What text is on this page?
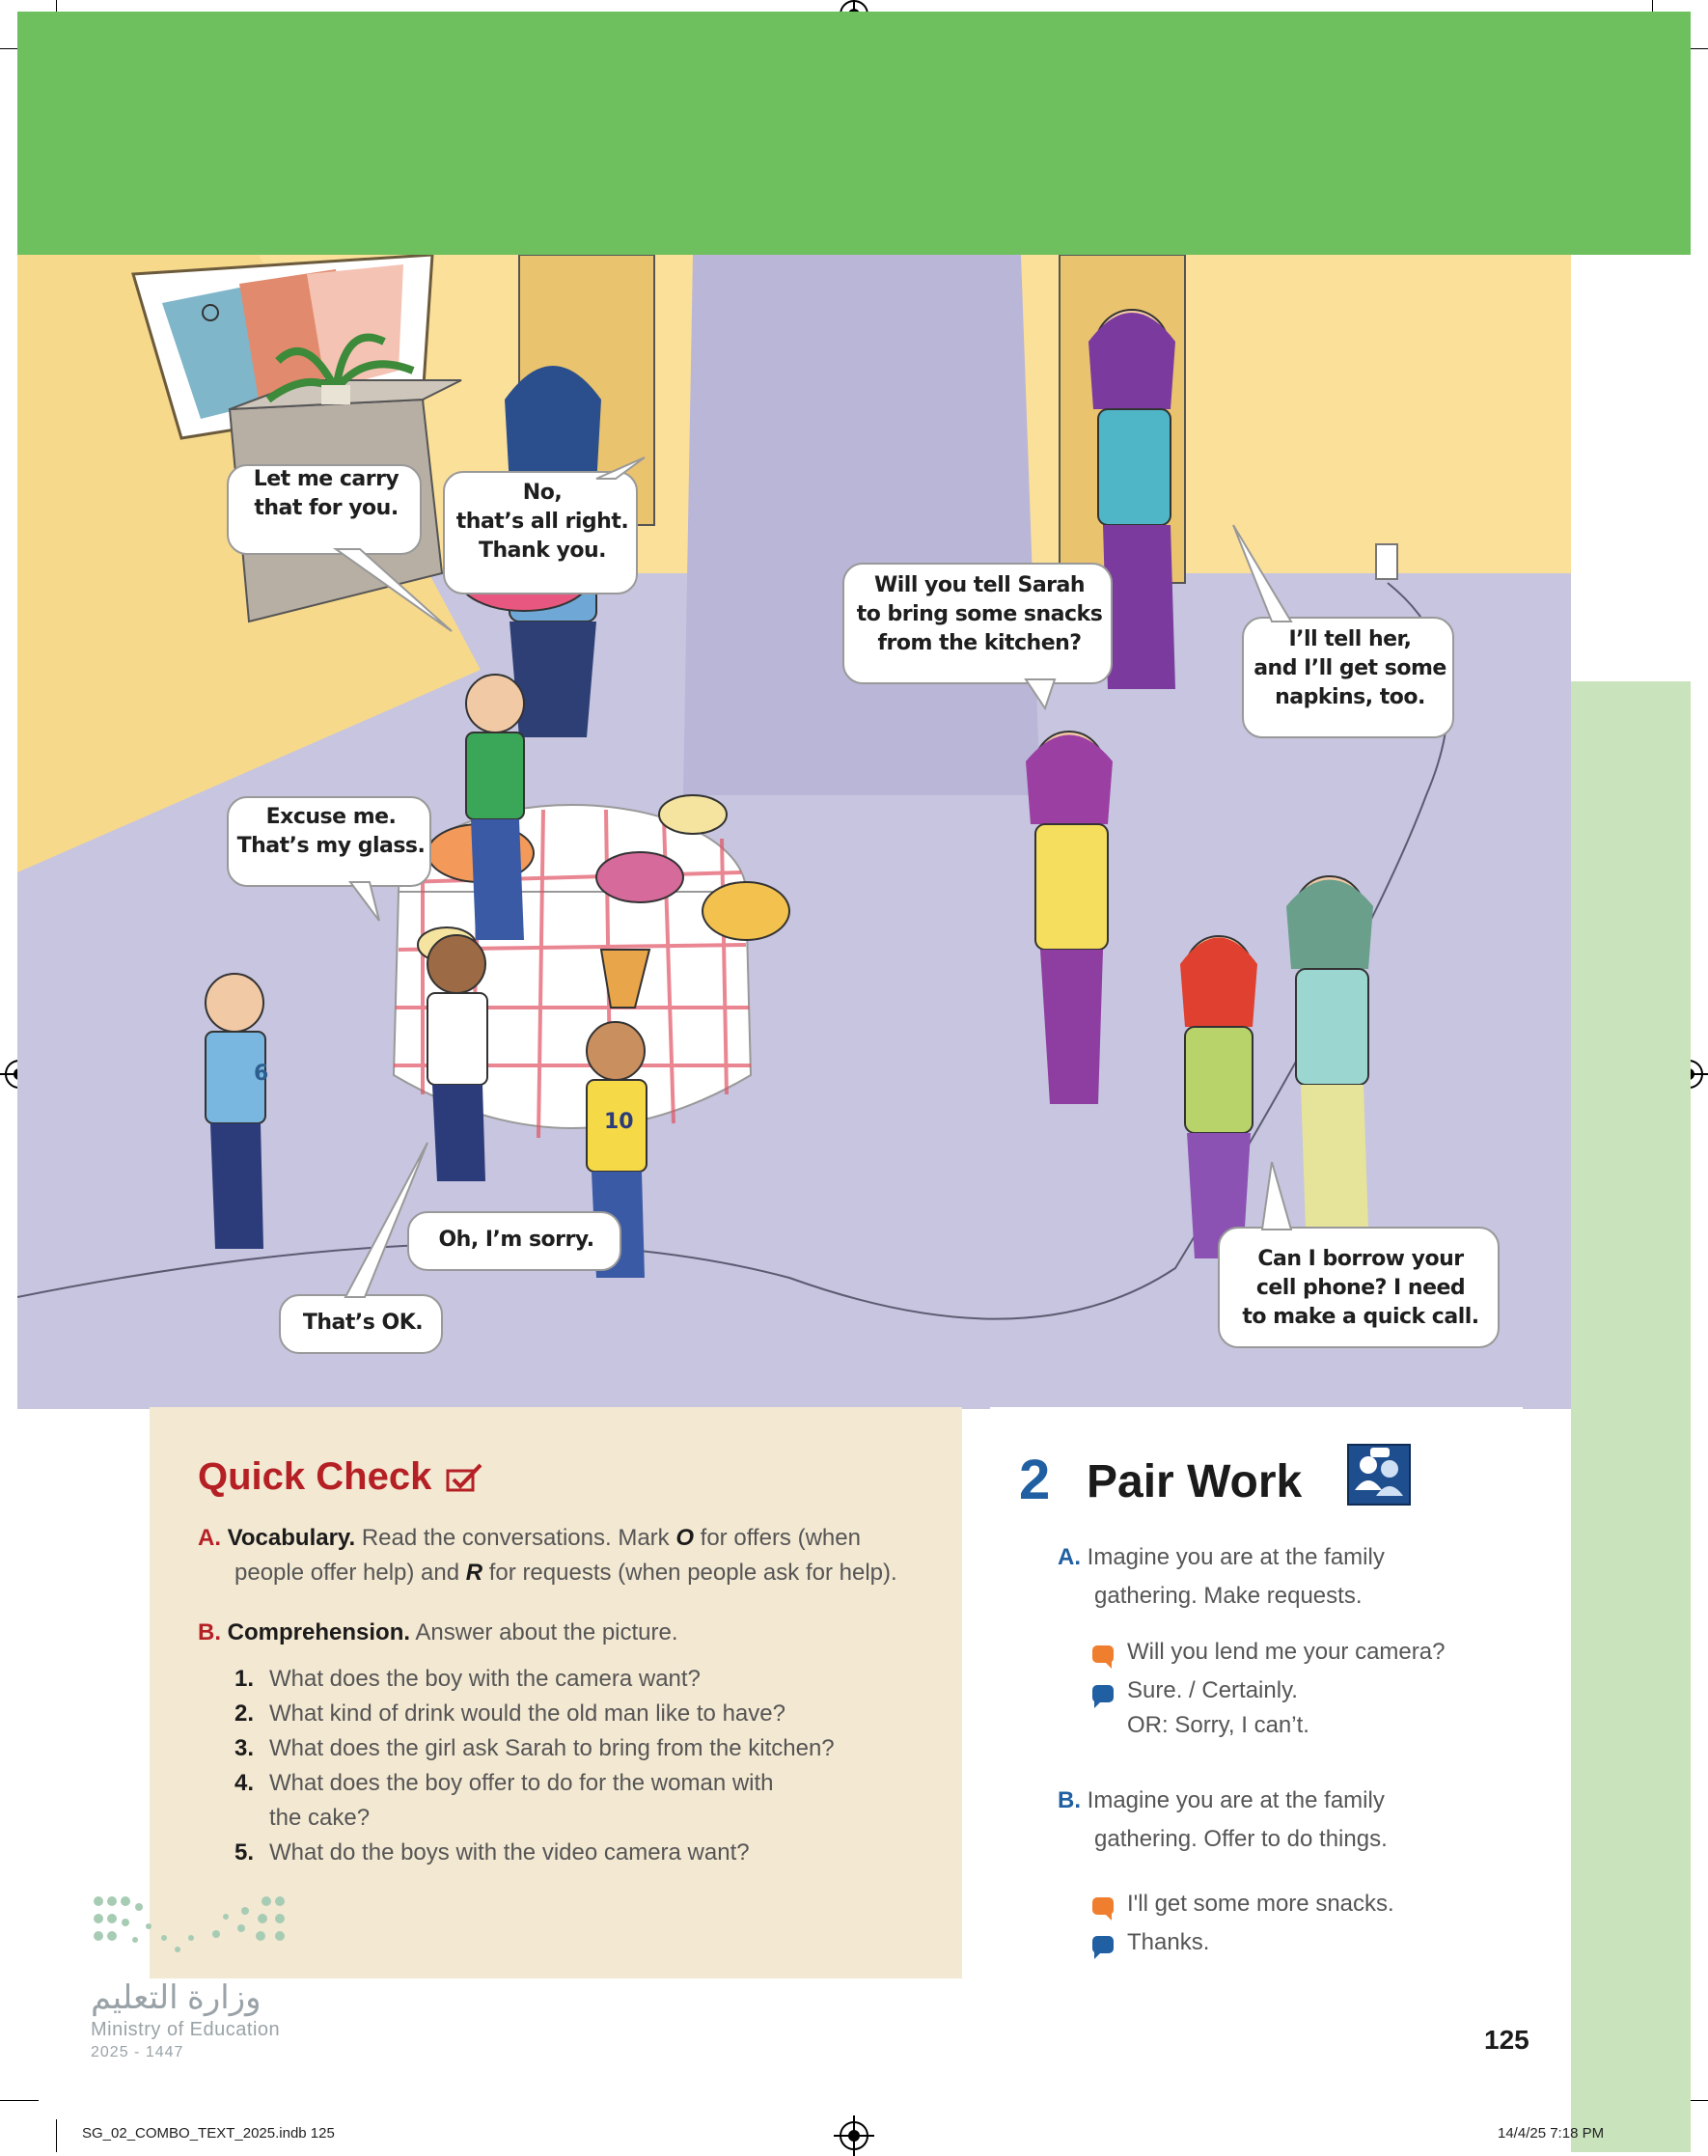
6
10
Let me carry
that for you.
No,
that’s all right.
Thank you.
Will you tell Sarah
to bring some snacks
from the kitchen?	I’ll tell her,
and I’ll get some
napkins, too.
Excuse me.
That’s my glass.
Oh, I’m sorry.
That’s OK.
Can I borrow your
cell phone? I need
to make a quick call.
Quick Check
A. Vocabulary. Read the conversations. Mark O for offers (when
people offer help) and R for requests (when people ask for help).
B. Comprehension. Answer about the picture.
1. What does the boy with the camera want?
2. What kind of drink would the old man like to have?
3. What does the girl ask Sarah to bring from the kitchen?
4. What does the boy offer to do for the woman with
the cake?
5. What do the boys with the video camera want?
وزارة التعليم
Ministry of Education
2025 - 1447
2 Pair Work
A. Imagine you are at the family
gathering. Make requests.
Will you lend me your camera?
Sure. / Certainly.
OR: Sorry, I can’t.
B. Imagine you are at the family
gathering. Offer to do things.
I'll get some more snacks.
Thanks.
125
SG_02_COMBO_TEXT_2025.indb 125	14/4/25 7:18 PM
